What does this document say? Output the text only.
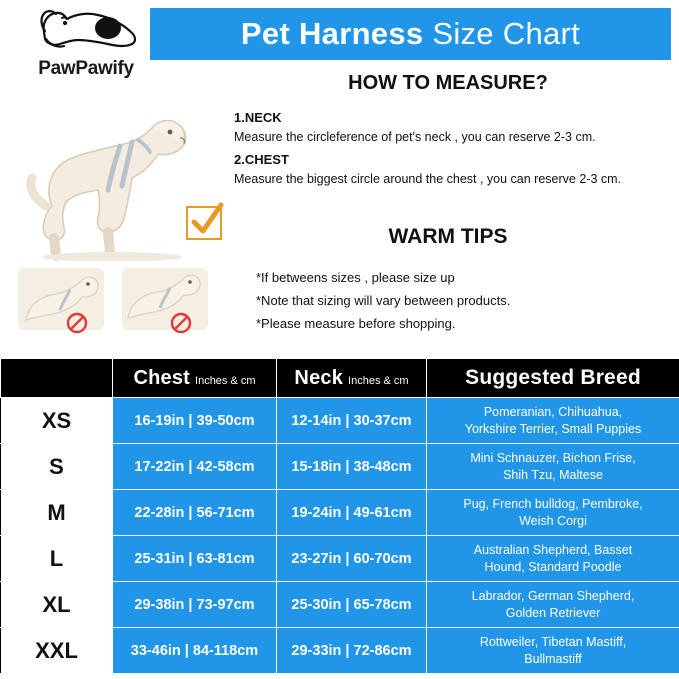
Pet Harness Size Chart
PawPawify
HOW TO MEASURE?
1.NECK
Measure the circleference of pet's neck , you can reserve 2-3 cm.
2.CHEST
Measure the biggest circle around the chest , you can reserve 2-3 cm.
WARM TIPS
*If betweens sizes , please size up
*Note that sizing will vary between products.
*Please measure before shopping.
	Chest Inches & cm	Neck Inches & cm	Suggested Breed
XS	16-19in | 39-50cm	12-14in | 30-37cm	Pomeranian, Chihuahua,
Yorkshire Terrier, Small Puppies
S	17-22in | 42-58cm	15-18in | 38-48cm	Mini Schnauzer, Bichon Frise,
Shih Tzu, Maltese
M	22-28in | 56-71cm	19-24in | 49-61cm	Pug, French bulldog, Pembroke,
Weish Corgi
L	25-31in | 63-81cm	23-27in | 60-70cm	Australian Shepherd, Basset
Hound, Standard Poodle
XL	29-38in | 73-97cm	25-30in | 65-78cm	Labrador, German Shepherd,
Golden Retriever
XXL	33-46in | 84-118cm	29-33in | 72-86cm	Rottweiler, Tibetan Mastiff,
Bullmastiff
